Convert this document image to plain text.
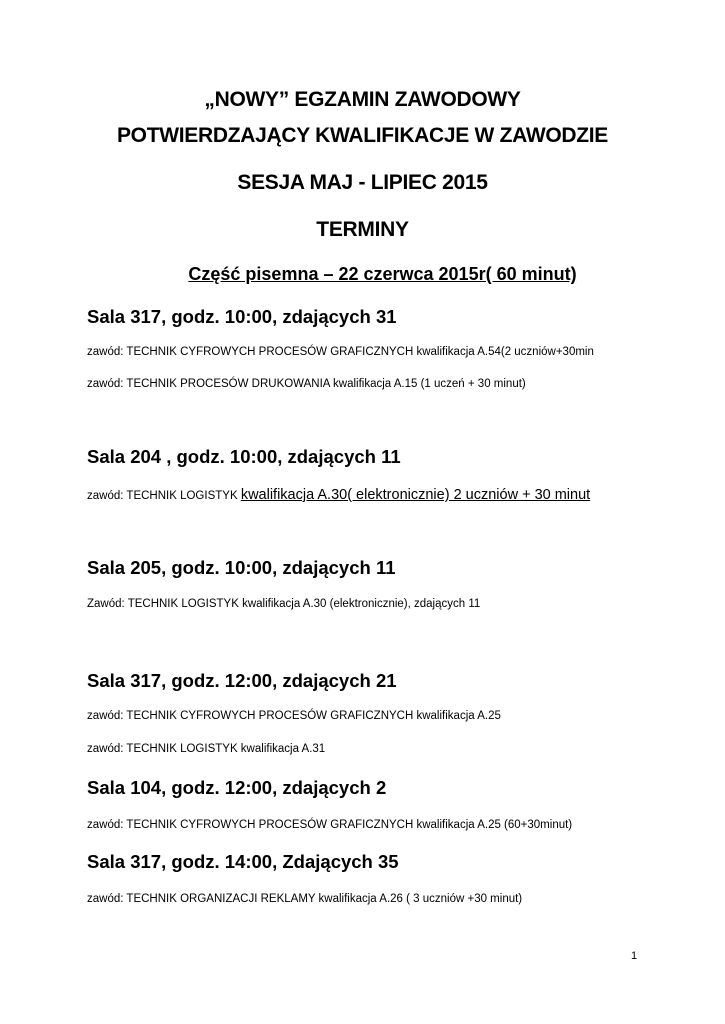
„NOWY” EGZAMIN ZAWODOWY
POTWIERDZAJĄCY KWALIFIKACJE W ZAWODZIE
SESJA MAJ - LIPIEC 2015
TERMINY
Część pisemna – 22 czerwca 2015r( 60 minut)
Sala 317, godz. 10:00, zdających 31
zawód: TECHNIK CYFROWYCH PROCESÓW GRAFICZNYCH kwalifikacja A.54(2 uczniów+30min
zawód: TECHNIK PROCESÓW DRUKOWANIA kwalifikacja A.15 (1 uczeń + 30 minut)
Sala 204 , godz. 10:00, zdających 11
zawód: TECHNIK LOGISTYK kwalifikacja A.30( elektronicznie) 2 uczniów + 30 minut
Sala 205, godz. 10:00, zdających 11
Zawód: TECHNIK LOGISTYK kwalifikacja A.30 (elektronicznie), zdających 11
Sala 317, godz. 12:00, zdających 21
zawód: TECHNIK CYFROWYCH PROCESÓW GRAFICZNYCH kwalifikacja A.25
zawód: TECHNIK LOGISTYK kwalifikacja A.31
Sala 104, godz. 12:00, zdających 2
zawód: TECHNIK CYFROWYCH PROCESÓW GRAFICZNYCH kwalifikacja A.25 (60+30minut)
Sala 317, godz. 14:00, Zdających 35
zawód: TECHNIK ORGANIZACJI REKLAMY kwalifikacja A.26 ( 3 uczniów +30 minut)
1
